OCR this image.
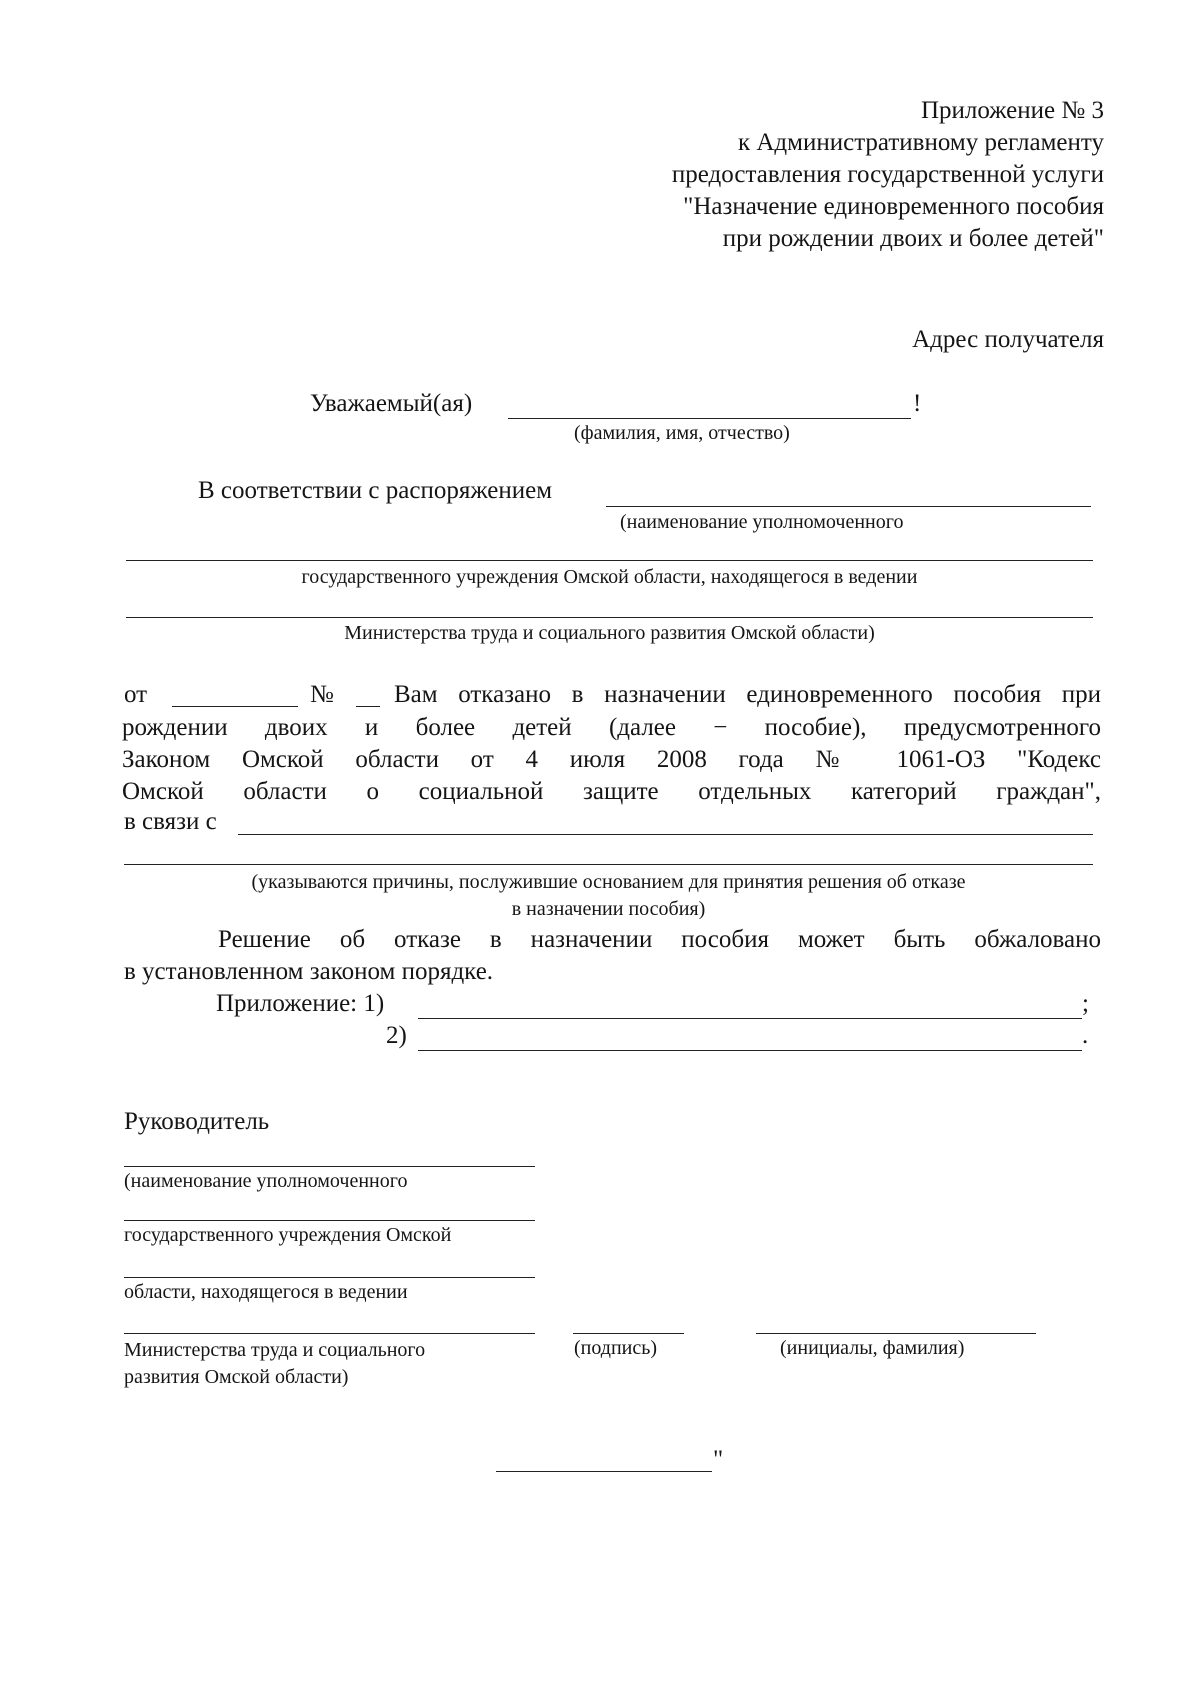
Приложение № 3
к Административному регламенту
предоставления государственной услуги
"Назначение единовременного пособия
при рождении двоих и более детей"
Адрес получателя
Уважаемый(ая)	!
(фамилия, имя, отчество)
В соответствии с распоряжением
(наименование уполномоченного
государственного учреждения Омской области, находящегося в ведении
Министерства труда и социального развития Омской области)
от	№ Вам отказано в назначении единовременного пособия при
рождении двоих и более детей (далее − пособие), предусмотренного
Законом Омской области от 4 июля 2008 года № 1061-ОЗ "Кодекс
Омской области о социальной защите отдельных категорий граждан",
в связи с
(указываются причины, послужившие основанием для принятия решения об отказе
в назначении пособия)
Решение об отказе в назначении пособия может быть обжаловано
в установленном законом порядке.
Приложение: 1)	;
2)	.
Руководитель
(наименование уполномоченного
государственного учреждения Омской
области, находящегося в ведении
Министерства труда и социального
развития Омской области)
(подпись)	(инициалы, фамилия)
"
